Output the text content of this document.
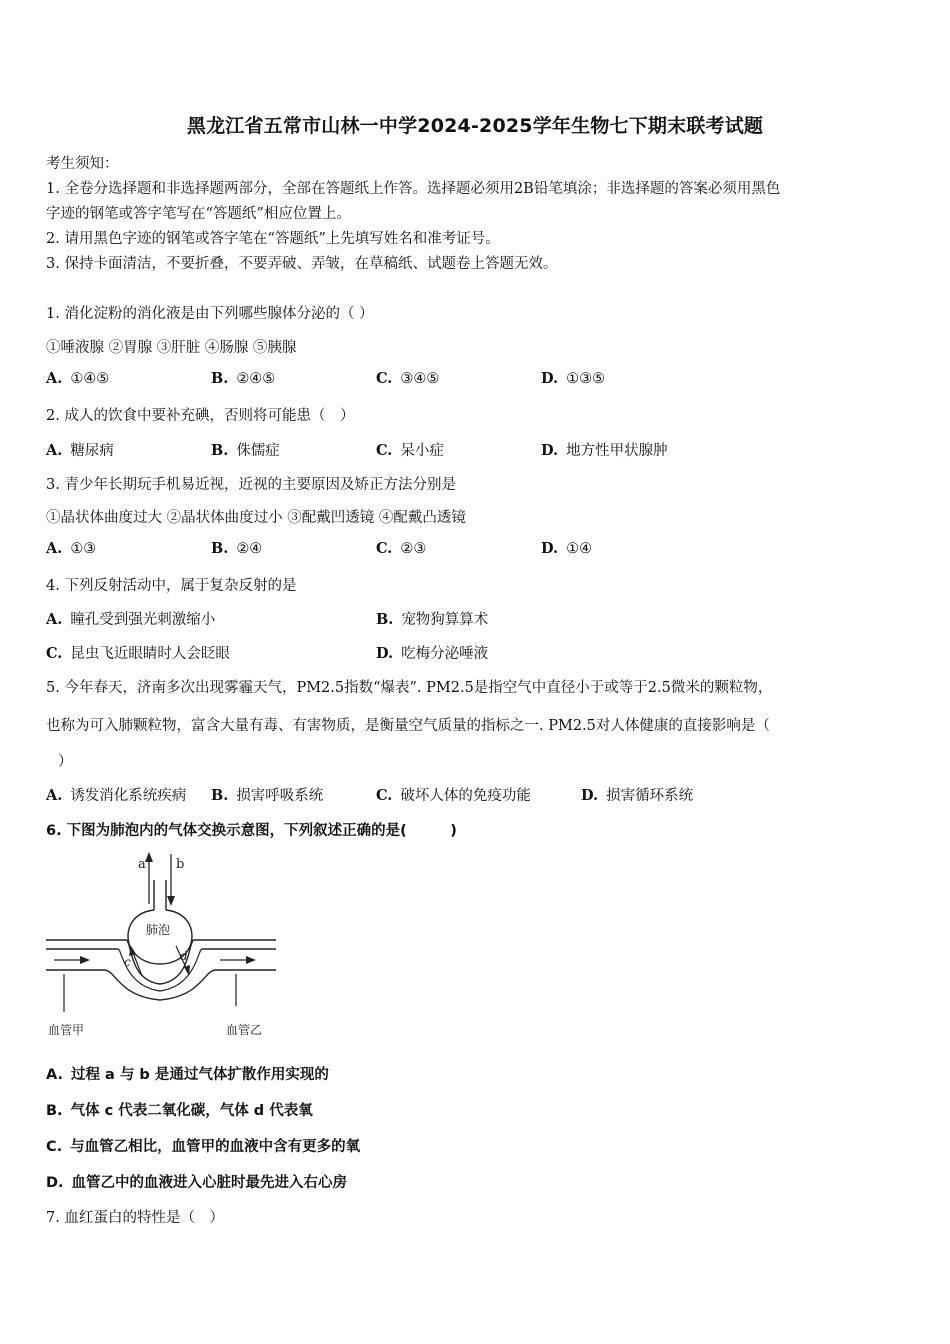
黑龙江省五常市山林一中学2024-2025学年生物七下期末联考试题
考生须知：
1. 全卷分选择题和非选择题两部分，全部在答题纸上作答。选择题必须用2B铅笔填涂；非选择题的答案必须用黑色
字迹的钢笔或答字笔写在“答题纸”相应位置上。
2. 请用黑色字迹的钢笔或答字笔在“答题纸”上先填写姓名和准考证号。
3. 保持卡面清洁，不要折叠，不要弄破、弄皱，在草稿纸、试题卷上答题无效。
1. 消化淀粉的消化液是由下列哪些腺体分泌的（ ）
①唾液腺 ②胃腺 ③肝脏 ④肠腺 ⑤胰腺
A. ①④⑤	B. ②④⑤	C. ③④⑤	D. ①③⑤
2. 成人的饮食中要补充碘，否则将可能患（　）
A. 糖尿病	B. 侏儒症	C. 呆小症	D. 地方性甲状腺肿
3. 青少年长期玩手机易近视，近视的主要原因及矫正方法分别是
①晶状体曲度过大 ②晶状体曲度过小 ③配戴凹透镜 ④配戴凸透镜
A. ①③	B. ②④	C. ②③	D. ①④
4. 下列反射活动中，属于复杂反射的是
A. 瞳孔受到强光刺激缩小	B. 宠物狗算算术
C. 昆虫飞近眼睛时人会眨眼	D. 吃梅分泌唾液
5. 今年春天，济南多次出现雾霾天气，PM2.5指数“爆表”. PM2.5是指空气中直径小于或等于2.5微米的颗粒物，
也称为可入肺颗粒物，富含大量有毒、有害物质，是衡量空气质量的指标之一. PM2.5对人体健康的直接影响是（
）
A. 诱发消化系统疾病 B. 损害呼吸系统	C. 破坏人体的免疫功能	D. 损害循环系统
6. 下图为肺泡内的气体交换示意图，下列叙述正确的是(　　　)
a b
肺泡
c	d
血管甲	血管乙
A. 过程 a 与 b 是通过气体扩散作用实现的
B. 气体 c 代表二氧化碳，气体 d 代表氧
C. 与血管乙相比，血管甲的血液中含有更多的氧
D. 血管乙中的血液进入心脏时最先进入右心房
7. 血红蛋白的特性是（　）
